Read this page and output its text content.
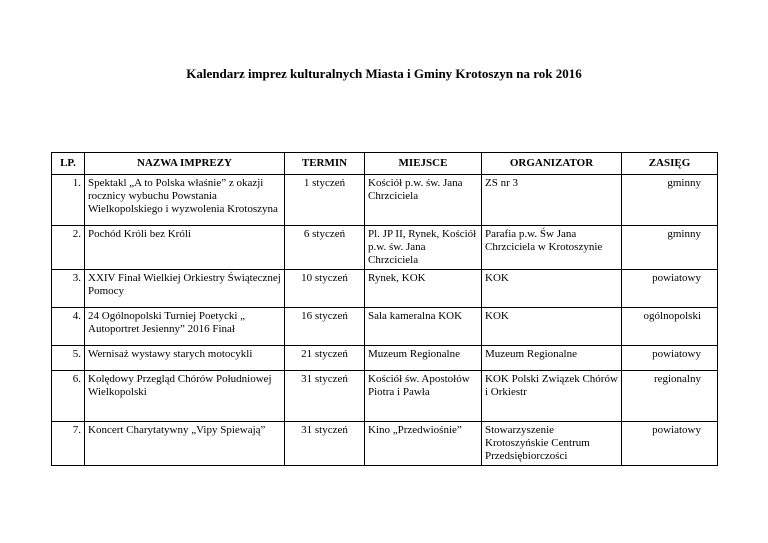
Kalendarz imprez kulturalnych Miasta i Gminy Krotoszyn na rok 2016
LP.	NAZWA IMPREZY	TERMIN	MIEJSCE	ORGANIZATOR	ZASIĘG
1.	Spektakl „A to Polska właśnie” z okazji rocznicy wybuchu Powstania Wielkopolskiego i wyzwolenia Krotoszyna	1 styczeń	Kościół p.w. św. Jana Chrzciciela	ZS nr 3	gminny
2.	Pochód Króli bez Króli	6 styczeń	Pl. JP II, Rynek, Kościół p.w. św. Jana Chrzciciela	Parafia p.w. Św Jana Chrzciciela w Krotoszynie	gminny
3.	XXIV Finał Wielkiej Orkiestry Świątecznej Pomocy	10 styczeń	Rynek, KOK	KOK	powiatowy
4.	24 Ogólnopolski Turniej Poetycki „ Autoportret Jesienny” 2016 Finał	16 styczeń	Sala kameralna KOK	KOK	ogólnopolski
5.	Wernisaż wystawy starych motocykli	21 styczeń	Muzeum Regionalne	Muzeum Regionalne	powiatowy
6.	Kolędowy Przegląd Chórów Południowej Wielkopolski	31 styczeń	Kościół św. Apostołów Piotra i Pawła	KOK Polski Związek Chórów i Orkiestr	regionalny
7.	Koncert Charytatywny „Vipy Spiewają”	31 styczeń	Kino „Przedwiośnie”	Stowarzyszenie Krotoszyńskie Centrum Przedsiębiorczości	powiatowy
